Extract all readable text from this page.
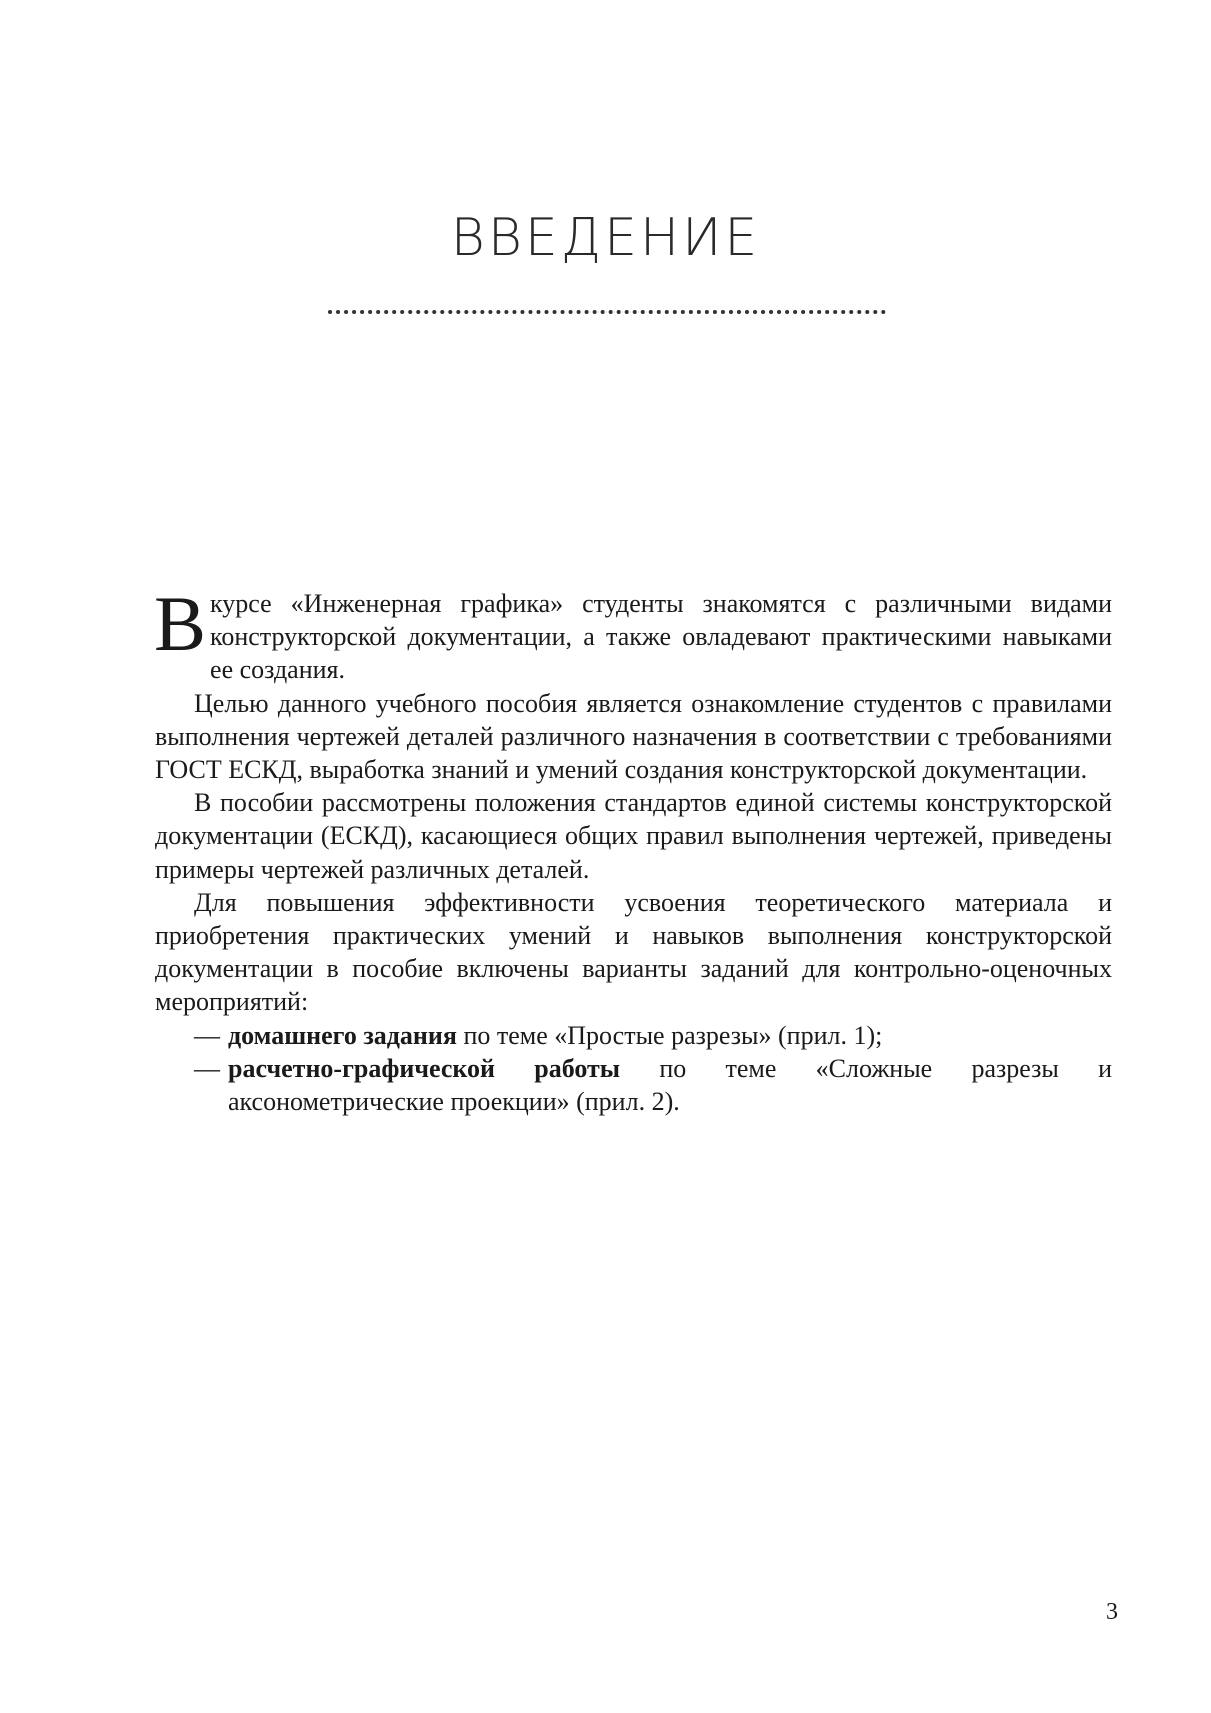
ВВЕДЕНИЕ

В курсе «Инженерная графика» студенты знакомятся с различными видами конструкторской документации, а также овладевают практическими навыками ее создания.

Целью данного учебного пособия является ознакомление студентов с правилами выполнения чертежей деталей различного назначения в соответствии с требованиями ГОСТ ЕСКД, выработка знаний и умений создания конструкторской документации.

В пособии рассмотрены положения стандартов единой системы конструкторской документации (ЕСКД), касающиеся общих правил выполнения чертежей, приведены примеры чертежей различных деталей.

Для повышения эффективности усвоения теоретического материала и приобретения практических умений и навыков выполнения конструкторской документации в пособие включены варианты заданий для контрольно-оценочных мероприятий:

— домашнего задания по теме «Простые разрезы» (прил. 1);
— расчетно-графической работы по теме «Сложные разрезы и аксонометрические проекции» (прил. 2).
3
